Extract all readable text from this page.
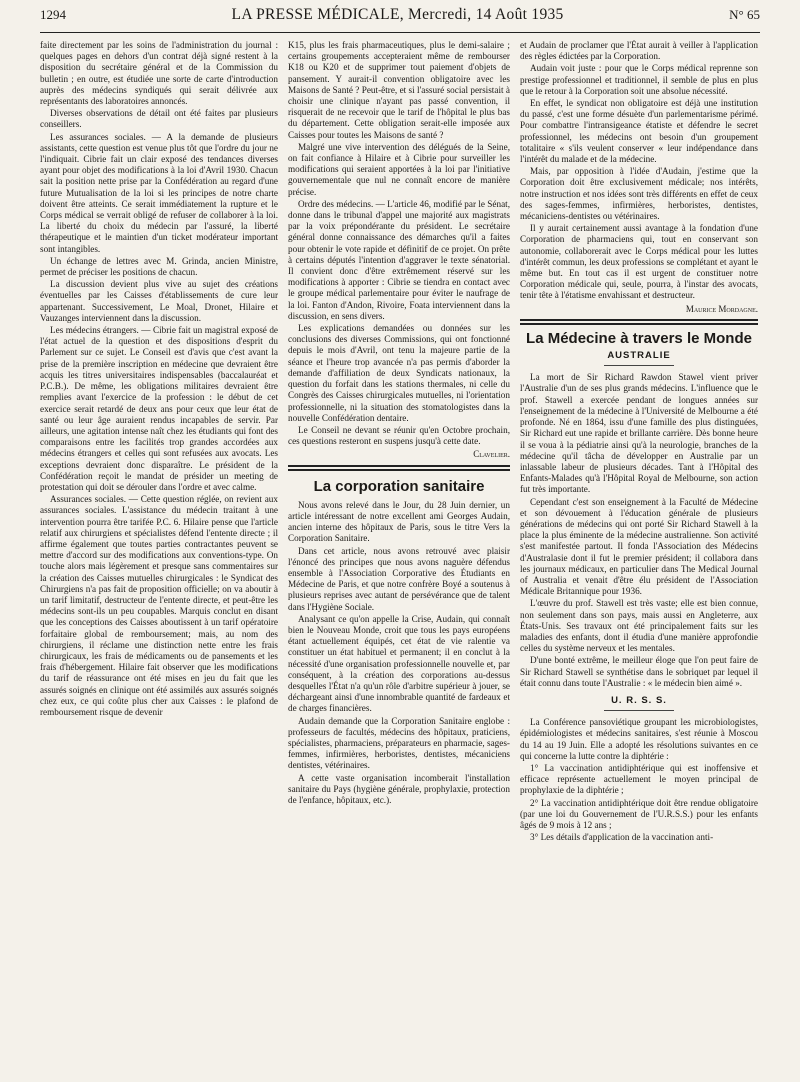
1294	LA PRESSE MÉDICALE, Mercredi, 14 Août 1935	N° 65

faite directement par les soins de l'administration du journal : quelques pages en dehors d'un contrat déjà signé restent à la disposition du secrétaire général et de la Commission du bulletin ; en outre, est étudiée une sorte de carte d'introduction auprès des médecins syndiqués qui serait délivrée aux représentants des laboratoires annoncés.

Diverses observations de détail ont été faites par plusieurs conseillers.

Les assurances sociales. — A la demande de plusieurs assistants, cette question est venue plus tôt que l'ordre du jour ne l'indiquait. Cibrie fait un clair exposé des tendances diverses ayant pour objet des modifications à la loi d'Avril 1930. Chacun sait la position nette prise par la Confédération au regard d'une future Mutualisation de la loi si les principes de notre charte doivent être atteints. Ce serait immédiatement la rupture et le Corps médical se verrait obligé de refuser de collaborer à la loi. La liberté du choix du médecin par l'assuré, la liberté thérapeutique et le maintien d'un ticket modérateur important sont intangibles.

Un échange de lettres avec M. Grinda, ancien Ministre, permet de préciser les positions de chacun.

La discussion devient plus vive au sujet des créations éventuelles par les Caisses d'établissements de cure leur appartenant. Successivement, Le Moal, Dronet, Hilaire et Vauzanges interviennent dans la discussion.

Les médecins étrangers. — Cibrie fait un magistral exposé de l'état actuel de la question et des dispositions d'esprit du Parlement sur ce sujet. Le Conseil est d'avis que c'est avant la prise de la première inscription en médecine que devraient être acquis les titres universitaires indispensables (baccalauréat et P.C.B.). De même, les obligations militaires devraient être remplies avant l'exercice de la profession : le début de cet exercice serait retardé de deux ans pour ceux que leur état de santé ou leur âge auraient rendus incapables de servir. Par ailleurs, une agitation intense naît chez les étudiants qui font des comparaisons entre les facilités trop grandes accordées aux médecins étrangers et celles qui sont refusées aux avocats. Les exceptions devraient donc disparaître. Le président de la Confédération reçoit le mandat de présider un meeting de protestation qui doit se dérouler dans l'ordre et avec calme.

Assurances sociales. — Cette question réglée, on revient aux assurances sociales. L'assistance du médecin traitant à une intervention pourra être tarifée P.C. 6. Hilaire pense que l'article relatif aux chirurgiens et spécialistes défend l'entente directe ; il affirme également que toutes parties contractantes peuvent se mettre d'accord sur des modifications aux conventions-type. On touche alors mais légèrement et presque sans commentaires sur la création des Caisses mutuelles chirurgicales : le Syndicat des Chirurgiens n'a pas fait de proposition officielle; on va aboutir à un tarif limitatif, destructeur de l'entente directe, et peut-être les médecins sont-ils un peu coupables. Marquis conclut en disant que les conceptions des Caisses aboutissent à un tarif opératoire forfaitaire global de remboursement; mais, au nom des chirurgiens, il réclame une distinction nette entre les frais chirurgicaux, les frais de médicaments ou de pansements et les frais d'hébergement. Hilaire fait observer que les modifications du tarif de réassurance ont été mises en jeu du fait que les assurés soignés en clinique ont été assimilés aux assurés soignés chez eux, ce qui coûte plus cher aux Caisses : le plafond de remboursement risque de devenir

K15, plus les frais pharmaceutiques, plus le demi-salaire ; certains groupements accepteraient même de rembourser K18 ou K20 et de supprimer tout paiement d'objets de pansement. Y aurait-il convention obligatoire avec les Maisons de Santé ? Peut-être, et si l'assuré social persistait à choisir une clinique n'ayant pas passé convention, il risquerait de ne recevoir que le tarif de l'hôpital le plus bas du département. Cette obligation serait-elle imposée aux Caisses pour toutes les Maisons de santé ?

Malgré une vive intervention des délégués de la Seine, on fait confiance à Hilaire et à Cibrie pour surveiller les modifications qui seraient apportées à la loi par l'initiative gouvernementale que nul ne connaît encore de manière précise.

Ordre des médecins. — L'article 46, modifié par le Sénat, donne dans le tribunal d'appel une majorité aux magistrats par la voix prépondérante du président. Le secrétaire général donne connaissance des démarches qu'il a faites pour obtenir le vote rapide et définitif de ce projet. On prête à certains députés l'intention d'aggraver le texte sénatorial. Il convient donc d'être extrêmement réservé sur les modifications à apporter : Cibrie se tiendra en contact avec le groupe médical parlementaire pour éviter le naufrage de la loi. Fanton d'Andon, Rivoire, Foata interviennent dans la discussion, en sens divers.

Les explications demandées ou données sur les conclusions des diverses Commissions, qui ont fonctionné depuis le mois d'Avril, ont tenu la majeure partie de la séance et l'heure trop avancée n'a pas permis d'aborder la demande d'affiliation de deux Syndicats nationaux, la question du forfait dans les stations thermales, ni celle du Congrès des Caisses chirurgicales mutuelles, ni l'orientation professionnelle, ni la situation des stomatologistes dans la nouvelle Confédération dentaire.

Le Conseil ne devant se réunir qu'en Octobre prochain, ces questions resteront en suspens jusqu'à cette date.

Clavelier.

La corporation sanitaire

Nous avons relevé dans le Jour, du 28 Juin dernier, un article intéressant de notre excellent ami Georges Audain, ancien interne des hôpitaux de Paris, sous le titre Vers la Corporation Sanitaire.

Dans cet article, nous avons retrouvé avec plaisir l'énoncé des principes que nous avons naguère défendus ensemble à l'Association Corporative des Étudiants en Médecine de Paris, et que notre confrère Boyé a soutenus à plusieurs reprises avec autant de persévérance que de talent dans l'Hygiène Sociale.

Analysant ce qu'on appelle la Crise, Audain, qui connaît bien le Nouveau Monde, croit que tous les pays européens étant actuellement équipés, cet état de vie ralentie va constituer un état habituel et permanent; il en conclut à la nécessité d'une organisation professionnelle nouvelle et, par conséquent, à la création des corporations au-dessus desquelles l'État n'a qu'un rôle d'arbitre supérieur à jouer, se déchargeant ainsi d'une innombrable quantité de fardeaux et de charges financières.

Audain demande que la Corporation Sanitaire englobe : professeurs de facultés, médecins des hôpitaux, praticiens, spécialistes, pharmaciens, préparateurs en pharmacie, sages-femmes, infirmières, herboristes, dentistes, mécaniciens dentistes, vétérinaires.

A cette vaste organisation incomberait l'installation sanitaire du Pays (hygiène générale, prophylaxie, protection de l'enfance, hôpitaux, etc.).

et Audain de proclamer que l'État aurait à veiller à l'application des règles édictées par la Corporation.

Audain voit juste : pour que le Corps médical reprenne son prestige professionnel et traditionnel, il semble de plus en plus que le retour à la Corporation soit une absolue nécessité.

En effet, le syndicat non obligatoire est déjà une institution du passé, c'est une forme désuète d'un parlementarisme périmé. Pour combattre l'intransigeance étatiste et défendre le secret professionnel, les médecins ont besoin d'un groupement totalitaire « s'ils veulent conserver « leur indépendance dans l'intérêt du malade et de la médecine.

Mais, par opposition à l'idée d'Audain, j'estime que la Corporation doit être exclusivement médicale; nos intérêts, notre instruction et nos idées sont très différents en effet de ceux des sages-femmes, infirmières, herboristes, dentistes, mécaniciens-dentistes ou vétérinaires.

Il y aurait certainement aussi avantage à la fondation d'une Corporation de pharmaciens qui, tout en conservant son autonomie, collaborerait avec le Corps médical pour les luttes d'intérêt commun, les deux professions se complétant et ayant le même but. En tout cas il est urgent de constituer notre Corporation médicale qui, seule, pourra, à l'instar des avocats, tenir tête à l'étatisme envahissant et destructeur.

Maurice Mordagne.

La Médecine à travers le Monde
AUSTRALIE

La mort de Sir Richard Rawdon Stawel vient priver l'Australie d'un de ses plus grands médecins. L'influence que le prof. Stawell a exercée pendant de longues années sur l'enseignement de la médecine à l'Université de Melbourne a été profonde. Né en 1864, issu d'une famille des plus distinguées, Sir Richard eut une rapide et brillante carrière. Dès bonne heure il se voua à la pédiatrie ainsi qu'à la neurologie, branches de la médecine qu'il tâcha de développer en Australie par un inlassable labeur de plusieurs décades. Tant à l'Hôpital des Enfants-Malades qu'à l'Hôpital Royal de Melbourne, son action fut très importante.

Cependant c'est son enseignement à la Faculté de Médecine et son dévouement à l'éducation générale de plusieurs générations de médecins qui ont porté Sir Richard Stawell à la place la plus éminente de la médecine australienne. Son activité s'est manifestée partout. Il fonda l'Association des Médecins d'Australasie dont il fut le premier président; il collabora dans les journaux médicaux, en particulier dans The Medical Journal of Australia et venait d'être élu président de l'Association Médicale Britannique pour 1936.

L'œuvre du prof. Stawell est très vaste; elle est bien connue, non seulement dans son pays, mais aussi en Angleterre, aux États-Unis. Ses travaux ont été principalement faits sur les maladies des enfants, dont il étudia d'une manière approfondie celles du système nerveux et les mentales.

D'une bonté extrême, le meilleur éloge que l'on peut faire de Sir Richard Stawell se synthétise dans le sobriquet par lequel il était connu dans toute l'Australie : « le médecin bien aimé ».

U. R. S. S.

La Conférence pansoviétique groupant les microbiologistes, épidémiologistes et médecins sanitaires, s'est réunie à Moscou du 14 au 19 Juin. Elle a adopté les résolutions suivantes en ce qui concerne la lutte contre la diphtérie :

1° La vaccination antidiphtérique qui est inoffensive et efficace représente actuellement le moyen principal de prophylaxie de la diphtérie ;

2° La vaccination antidiphtérique doit être rendue obligatoire (par une loi du Gouvernement de l'U.R.S.S.) pour les enfants âgés de 9 mois à 12 ans ;

3° Les détails d'application de la vaccination anti-
